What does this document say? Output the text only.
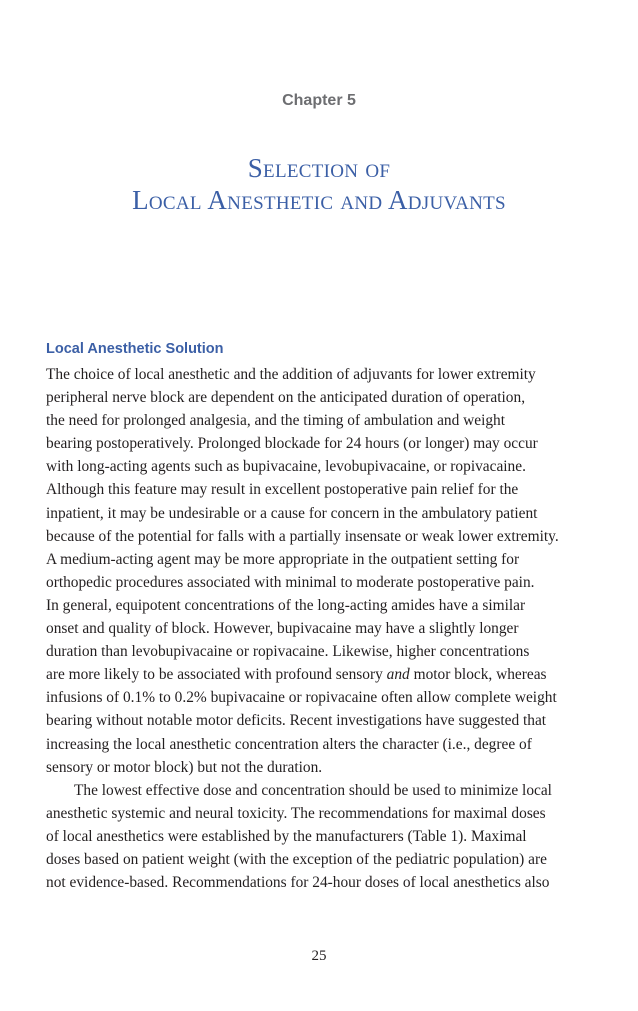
Chapter 5
Selection of
Local Anesthetic and Adjuvants
Local Anesthetic Solution
The choice of local anesthetic and the addition of adjuvants for lower extremity
peripheral nerve block are dependent on the anticipated duration of operation,
the need for prolonged analgesia, and the timing of ambulation and weight
bearing postoperatively. Prolonged blockade for 24 hours (or longer) may occur
with long-acting agents such as bupivacaine, levobupivacaine, or ropivacaine.
Although this feature may result in excellent postoperative pain relief for the
inpatient, it may be undesirable or a cause for concern in the ambulatory patient
because of the potential for falls with a partially insensate or weak lower extremity.
A medium-acting agent may be more appropriate in the outpatient setting for
orthopedic procedures associated with minimal to moderate postoperative pain.
In general, equipotent concentrations of the long-acting amides have a similar
onset and quality of block. However, bupivacaine may have a slightly longer
duration than levobupivacaine or ropivacaine. Likewise, higher concentrations
are more likely to be associated with profound sensory and motor block, whereas
infusions of 0.1% to 0.2% bupivacaine or ropivacaine often allow complete weight
bearing without notable motor deficits. Recent investigations have suggested that
increasing the local anesthetic concentration alters the character (i.e., degree of
sensory or motor block) but not the duration.
The lowest effective dose and concentration should be used to minimize local
anesthetic systemic and neural toxicity. The recommendations for maximal doses
of local anesthetics were established by the manufacturers (Table 1). Maximal
doses based on patient weight (with the exception of the pediatric population) are
not evidence-based. Recommendations for 24-hour doses of local anesthetics also
25
